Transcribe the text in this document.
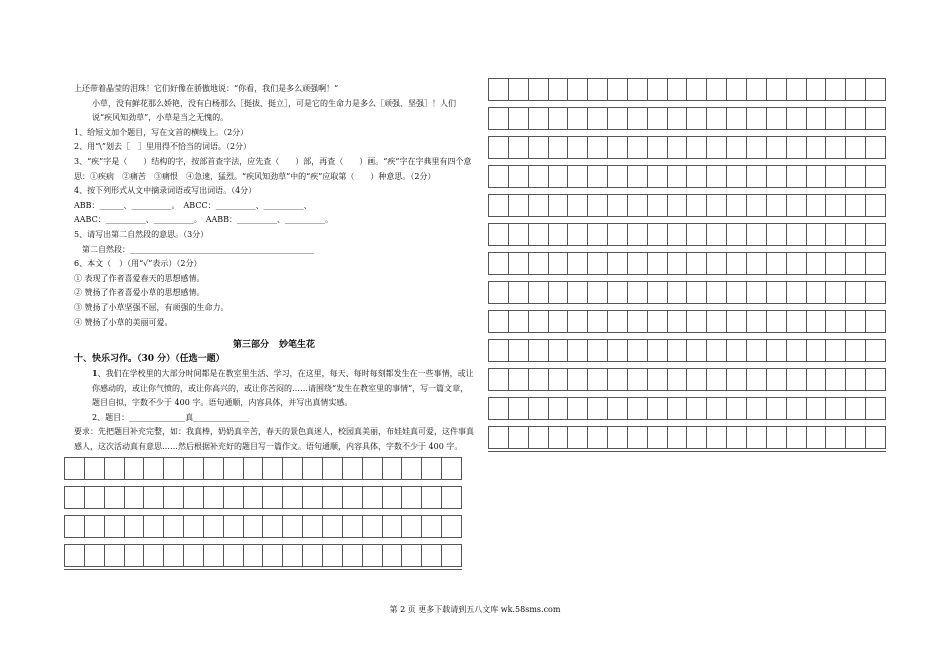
上还带着晶莹的泪珠！它们好像在骄傲地说：“你看，我们是多么顽强啊！”
小草，没有鲜花那么娇艳，没有白杨那么［挺拔、挺立］，可是它的生命力是多么［顽强、坚强］！人们说“疾风知劲草”，小草是当之无愧的。
1、给短文加个题目，写在文首的横线上。（2分）
2、用“\”划去［　］里用得不恰当的词语。（2分）
3、“疾”字是（　　）结构的字，按部首查字法，应先查（　　）部，再查（　　）画。“疾”字在字典里有四个意思：①疾病　②痛苦　③痛恨　④急速，猛烈。“疾风知劲草”中的“疾”应取第（　　）种意思。（2分）
4、按下列形式从文中摘录词语或写出词语。（4分）
ABB：______、__________。　ABCC：__________、__________、
AABC：__________、__________。　AABB：__________、__________。
5、请写出第二自然段的意思。（3分）
第二自然段：______________________________________________
6、本文（　）（用“√”表示）（2分）
① 表现了作者喜爱春天的思想感情。
② 赞扬了作者喜爱小草的思想感情。
③ 赞扬了小草坚强不屈，有顽强的生命力。
④ 赞扬了小草的美丽可爱。
第三部分 妙笔生花
十、快乐习作。（30 分）（任选一题）
1、我们在学校里的大部分时间都是在教室里生活、学习，在这里，每天、每时每刻都发生在一些事情，或让你感动的，或让你气愤的，或让你高兴的，或让你苦闷的……请围绕“发生在教室里的事情”，写一篇文章，题目自拟，字数不少于 400 字。语句通顺，内容具体，并写出真情实感。
2、题目：______________真______________
要求：先把题目补充完整，如：我真棒，奶奶真辛苦，春天的景色真迷人，校园真美丽，布娃娃真可爱，这件事真感人，这次活动真有意思……然后根据补充好的题目写一篇作文。语句通顺，内容具体，字数不少于 400 字。
第 2 页 更多下载请到五八文库 wk.58sms.com
